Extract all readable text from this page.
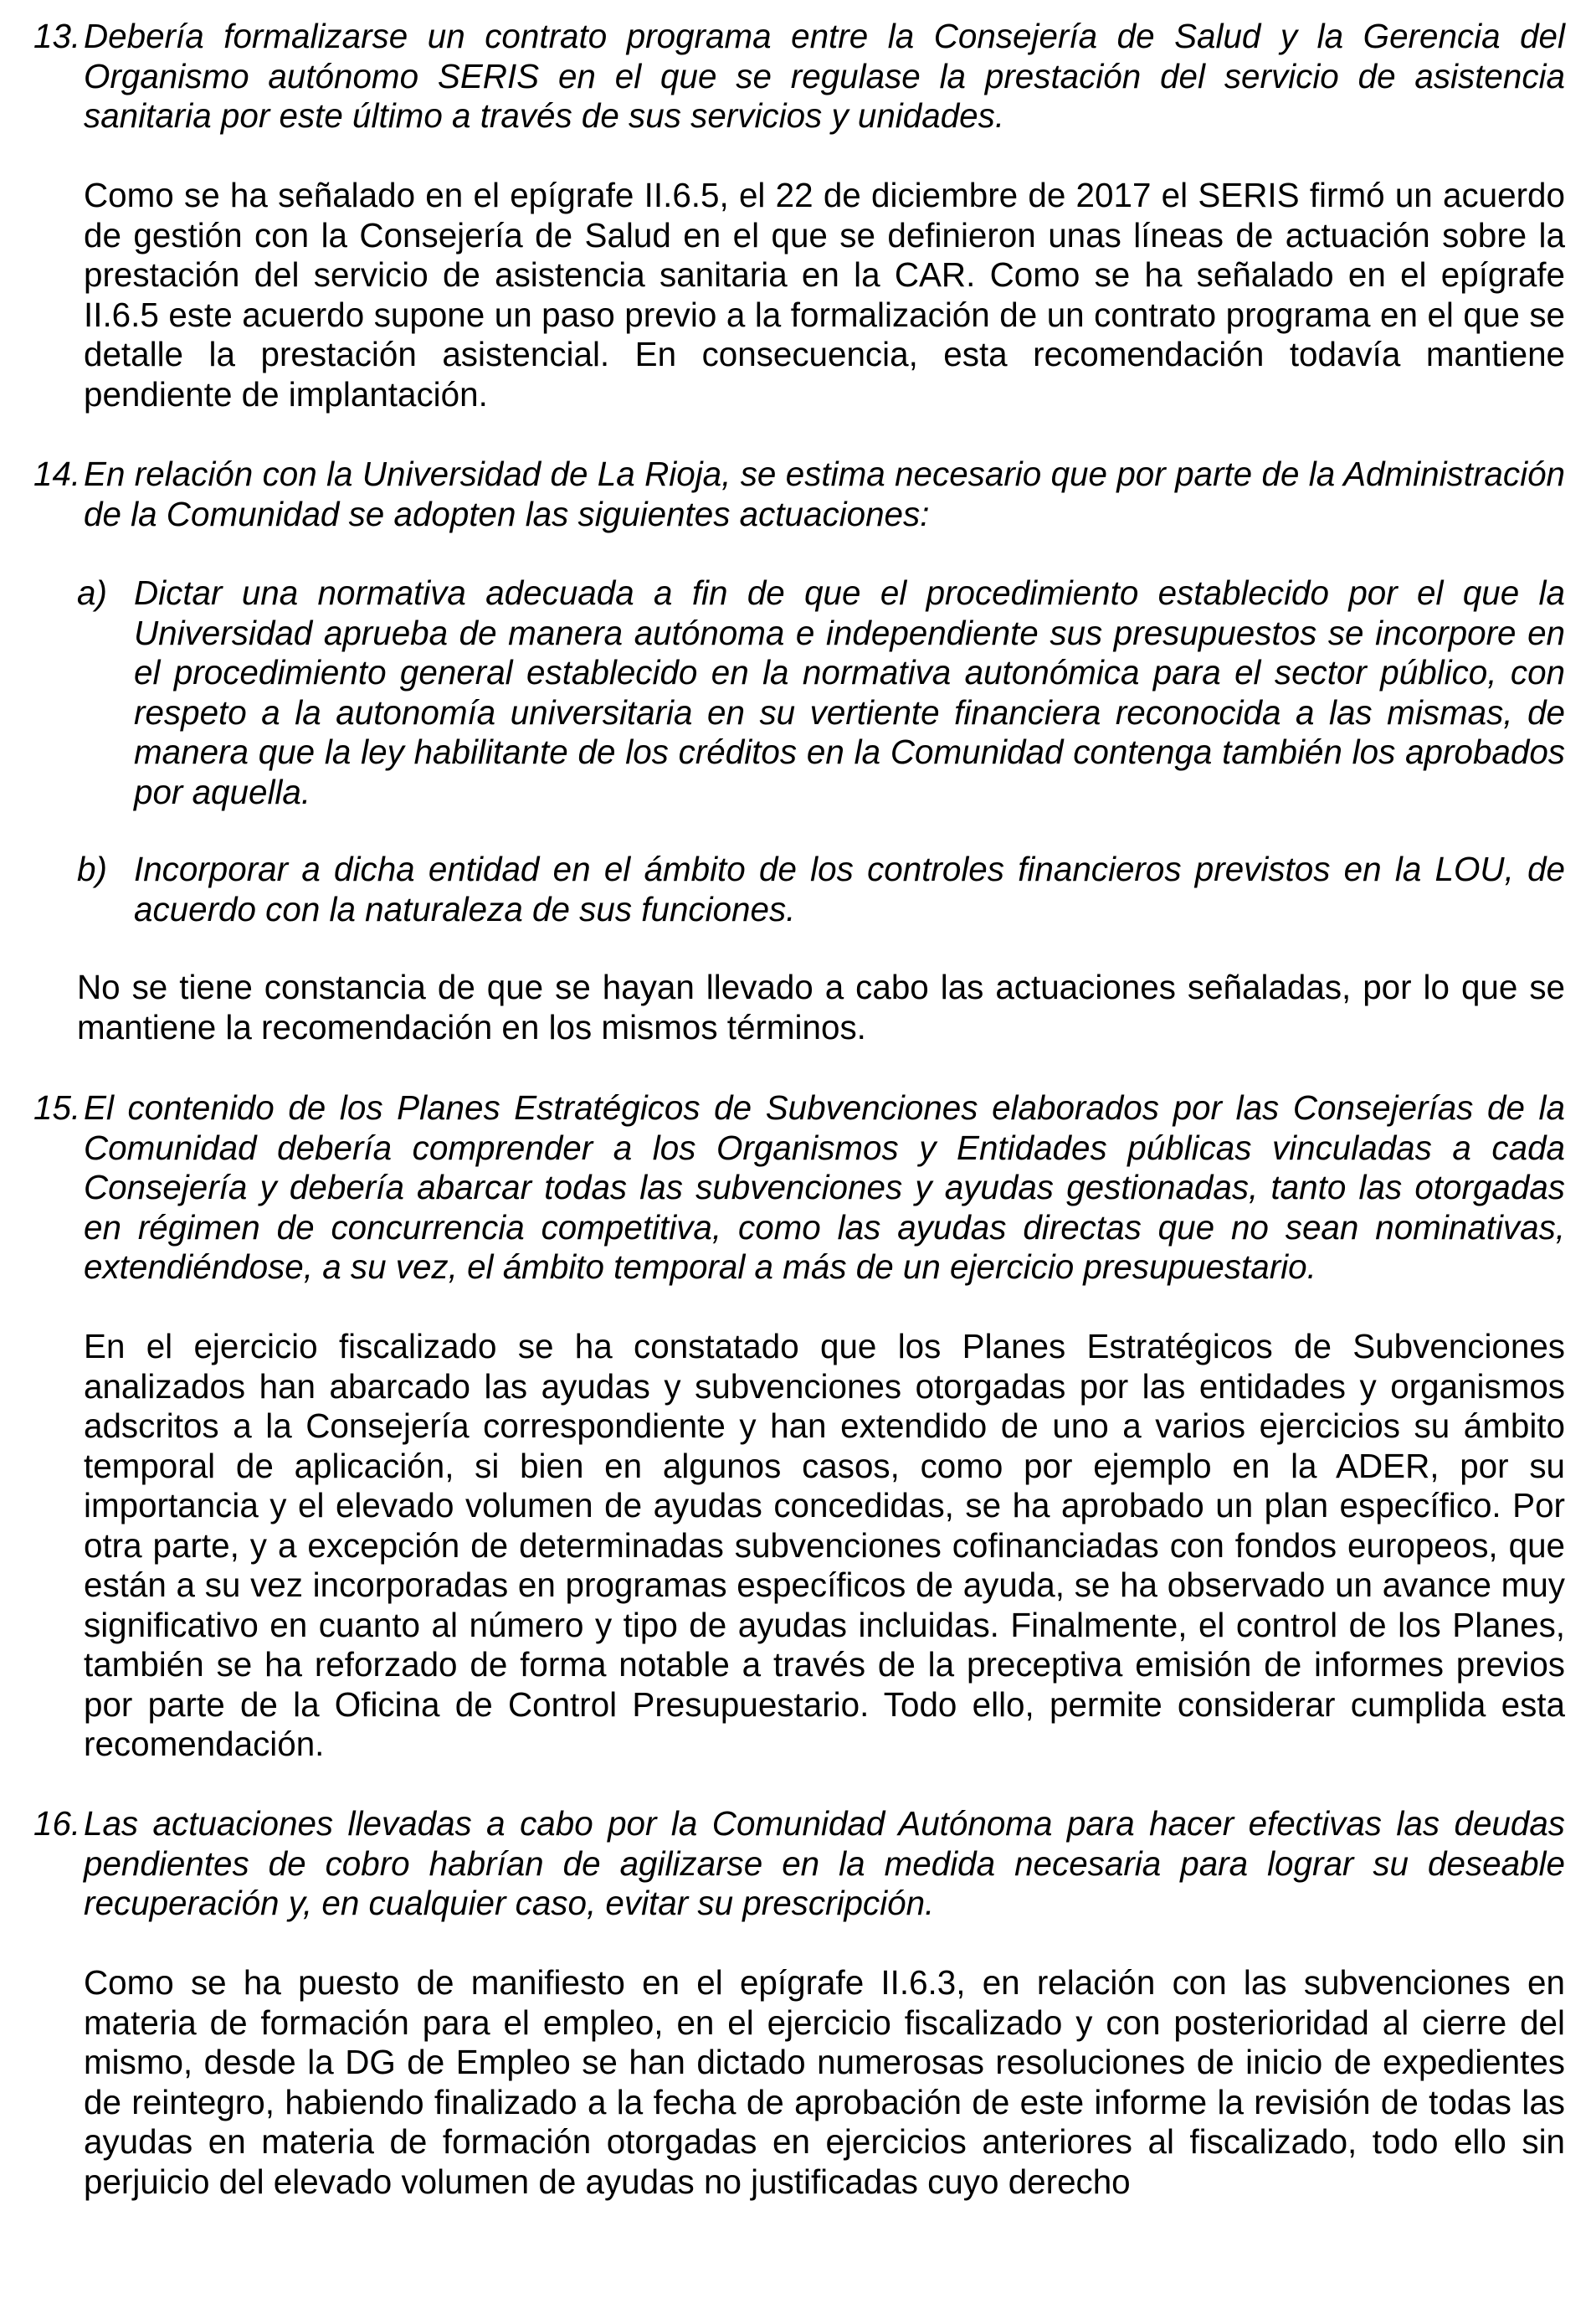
13. Debería formalizarse un contrato programa entre la Consejería de Salud y la Gerencia del Organismo autónomo SERIS en el que se regulase la prestación del servicio de asistencia sanitaria por este último a través de sus servicios y unidades.

Como se ha señalado en el epígrafe II.6.5, el 22 de diciembre de 2017 el SERIS firmó un acuerdo de gestión con la Consejería de Salud en el que se definieron unas líneas de actuación sobre la prestación del servicio de asistencia sanitaria en la CAR. Como se ha señalado en el epígrafe II.6.5 este acuerdo supone un paso previo a la formalización de un contrato programa en el que se detalle la prestación asistencial. En consecuencia, esta recomendación todavía mantiene pendiente de implantación.

14. En relación con la Universidad de La Rioja, se estima necesario que por parte de la Administración de la Comunidad se adopten las siguientes actuaciones:

a) Dictar una normativa adecuada a fin de que el procedimiento establecido por el que la Universidad aprueba de manera autónoma e independiente sus presupuestos se incorpore en el procedimiento general establecido en la normativa autonómica para el sector público, con respeto a la autonomía universitaria en su vertiente financiera reconocida a las mismas, de manera que la ley habilitante de los créditos en la Comunidad contenga también los aprobados por aquella.

b) Incorporar a dicha entidad en el ámbito de los controles financieros previstos en la LOU, de acuerdo con la naturaleza de sus funciones.

No se tiene constancia de que se hayan llevado a cabo las actuaciones señaladas, por lo que se mantiene la recomendación en los mismos términos.

15. El contenido de los Planes Estratégicos de Subvenciones elaborados por las Consejerías de la Comunidad debería comprender a los Organismos y Entidades públicas vinculadas a cada Consejería y debería abarcar todas las subvenciones y ayudas gestionadas, tanto las otorgadas en régimen de concurrencia competitiva, como las ayudas directas que no sean nominativas, extendiéndose, a su vez, el ámbito temporal a más de un ejercicio presupuestario.

En el ejercicio fiscalizado se ha constatado que los Planes Estratégicos de Subvenciones analizados han abarcado las ayudas y subvenciones otorgadas por las entidades y organismos adscritos a la Consejería correspondiente y han extendido de uno a varios ejercicios su ámbito temporal de aplicación, si bien en algunos casos, como por ejemplo en la ADER, por su importancia y el elevado volumen de ayudas concedidas, se ha aprobado un plan específico. Por otra parte, y a excepción de determinadas subvenciones cofinanciadas con fondos europeos, que están a su vez incorporadas en programas específicos de ayuda, se ha observado un avance muy significativo en cuanto al número y tipo de ayudas incluidas. Finalmente, el control de los Planes, también se ha reforzado de forma notable a través de la preceptiva emisión de informes previos por parte de la Oficina de Control Presupuestario. Todo ello, permite considerar cumplida esta recomendación.

16. Las actuaciones llevadas a cabo por la Comunidad Autónoma para hacer efectivas las deudas pendientes de cobro habrían de agilizarse en la medida necesaria para lograr su deseable recuperación y, en cualquier caso, evitar su prescripción.

Como se ha puesto de manifiesto en el epígrafe II.6.3, en relación con las subvenciones en materia de formación para el empleo, en el ejercicio fiscalizado y con posterioridad al cierre del mismo, desde la DG de Empleo se han dictado numerosas resoluciones de inicio de expedientes de reintegro, habiendo finalizado a la fecha de aprobación de este informe la revisión de todas las ayudas en materia de formación otorgadas en ejercicios anteriores al fiscalizado, todo ello sin perjuicio del elevado volumen de ayudas no justificadas cuyo derecho
